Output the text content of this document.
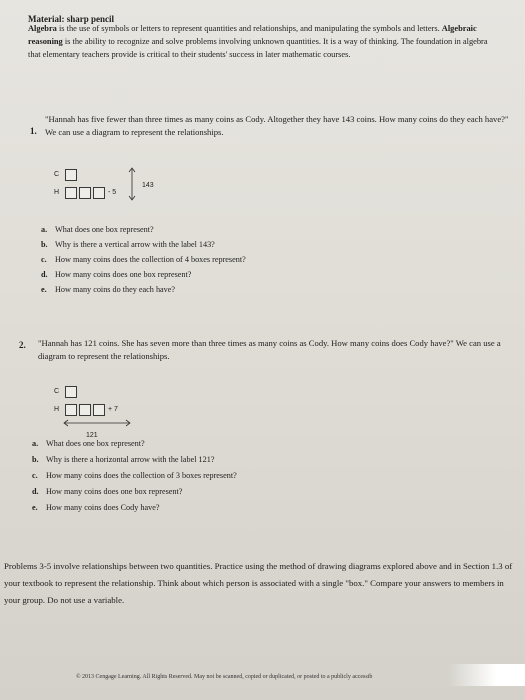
Material: sharp pencil
Algebra is the use of symbols or letters to represent quantities and relationships, and manipulating the symbols and letters. Algebraic reasoning is the ability to recognize and solve problems involving unknown quantities. It is a way of thinking. The foundation in algebra that elementary teachers provide is critical to their students' success in later mathematic courses.
1.
"Hannah has five fewer than three times as many coins as Cody. Altogether they have 143 coins. How many coins do they each have?" We can use a diagram to represent the relationships.
C
H	- 5
143
a. What does one box represent?
b. Why is there a vertical arrow with the label 143?
c.	How many coins does the collection of 4 boxes represent?
d. How many coins does one box represent?
e.	How many coins do they each have?
2. "Hannah has 121 coins. She has seven more than three times as many coins as Cody. How many coins does Cody have?" We can use a diagram to represent the relationships.
C
H	+ 7
121
a. What does one box represent?
b. Why is there a horizontal arrow with the label 121?
c.	How many coins does the collection of 3 boxes represent?
d. How many coins does one box represent?
e.	How many coins does Cody have?
Problems 3-5 involve relationships between two quantities. Practice using the method of drawing diagrams explored above and in Section 1.3 of your textbook to represent the relationship. Think about which person is associated with a single "box." Compare your answers to members in your group. Do not use a variable.
© 2013 Cengage Learning. All Rights Reserved. May not be scanned, copied or duplicated, or posted to a publicly accessib
